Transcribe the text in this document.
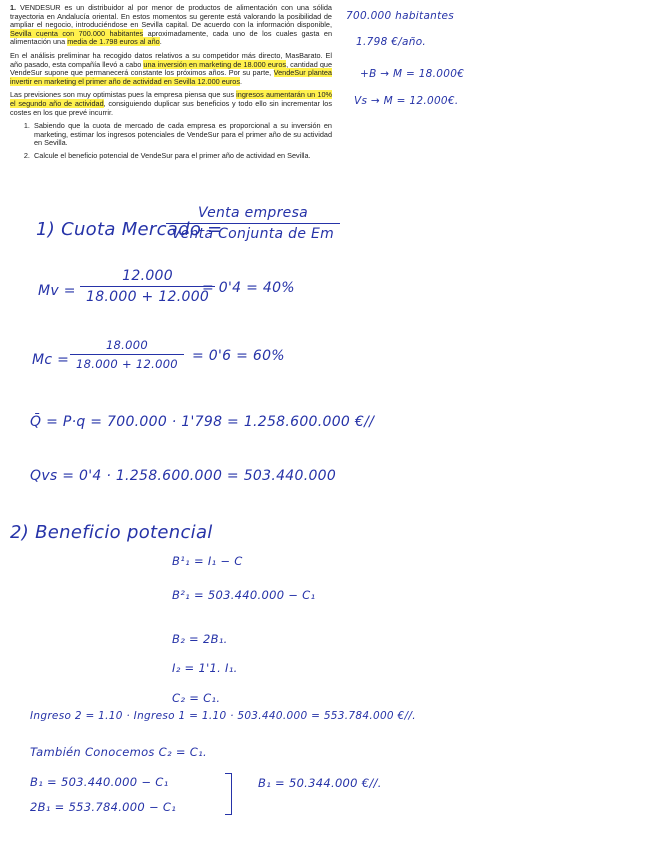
1. VENDESUR es un distribuidor al por menor de productos de alimentación con una sólida trayectoria en Andalucía oriental. En estos momentos su gerente está valorando la posibilidad de ampliar el negocio, introduciéndose en Sevilla capital. De acuerdo con la información disponible, Sevilla cuenta con 700.000 habitantes aproximadamente, cada uno de los cuales gasta en alimentación una media de 1.798 euros al año.

En el análisis preliminar ha recogido datos relativos a su competidor más directo, MasBarato. El año pasado, esta compañía llevó a cabo una inversión en marketing de 18.000 euros, cantidad que VendeSur supone que permanecerá constante los próximos años. Por su parte, VendeSur plantea invertir en marketing el primer año de actividad en Sevilla 12.000 euros.

Las previsiones son muy optimistas pues la empresa piensa que sus ingresos aumentarán un 10% el segundo año de actividad, consiguiendo duplicar sus beneficios y todo ello sin incrementar los costes en los que prevé incurrir.

1. Sabiendo que la cuota de mercado de cada empresa es proporcional a su inversión en marketing, estimar los ingresos potenciales de VendeSur para el primer año de su actividad en Sevilla.
2. Calcule el beneficio potencial de VendeSur para el primer año de actividad en Sevilla.
700.000 habitantes
1.798 €/año.
+B → M = 18.000€
Vs → M = 12.000€.
1) Cuota Mercado =
Venta empresa
venta Conjunta de Em
Mv =
12.000
18.000 + 12.000
= 0'4 = 40%
Mc =
18.000
18.000 + 12.000	= 0'6 = 60%
Q̄ = P·q = 700.000 · 1'798 = 1.258.600.000 €//
Qvs = 0'4 · 1.258.600.000 = 503.440.000
2) Beneficio potencial
B¹₁ = I₁ − C
B²₁ = 503.440.000 − C₁
B₂ = 2B₁.
I₂ = 1'1. I₁.
C₂ = C₁.
Ingreso 2 = 1.10 · Ingreso 1 = 1.10 · 503.440.000 = 553.784.000 €//.
También Conocemos C₂ = C₁.
B₁ = 503.440.000 − C₁
2B₁ = 553.784.000 − C₁
B₁ = 50.344.000 €//.
